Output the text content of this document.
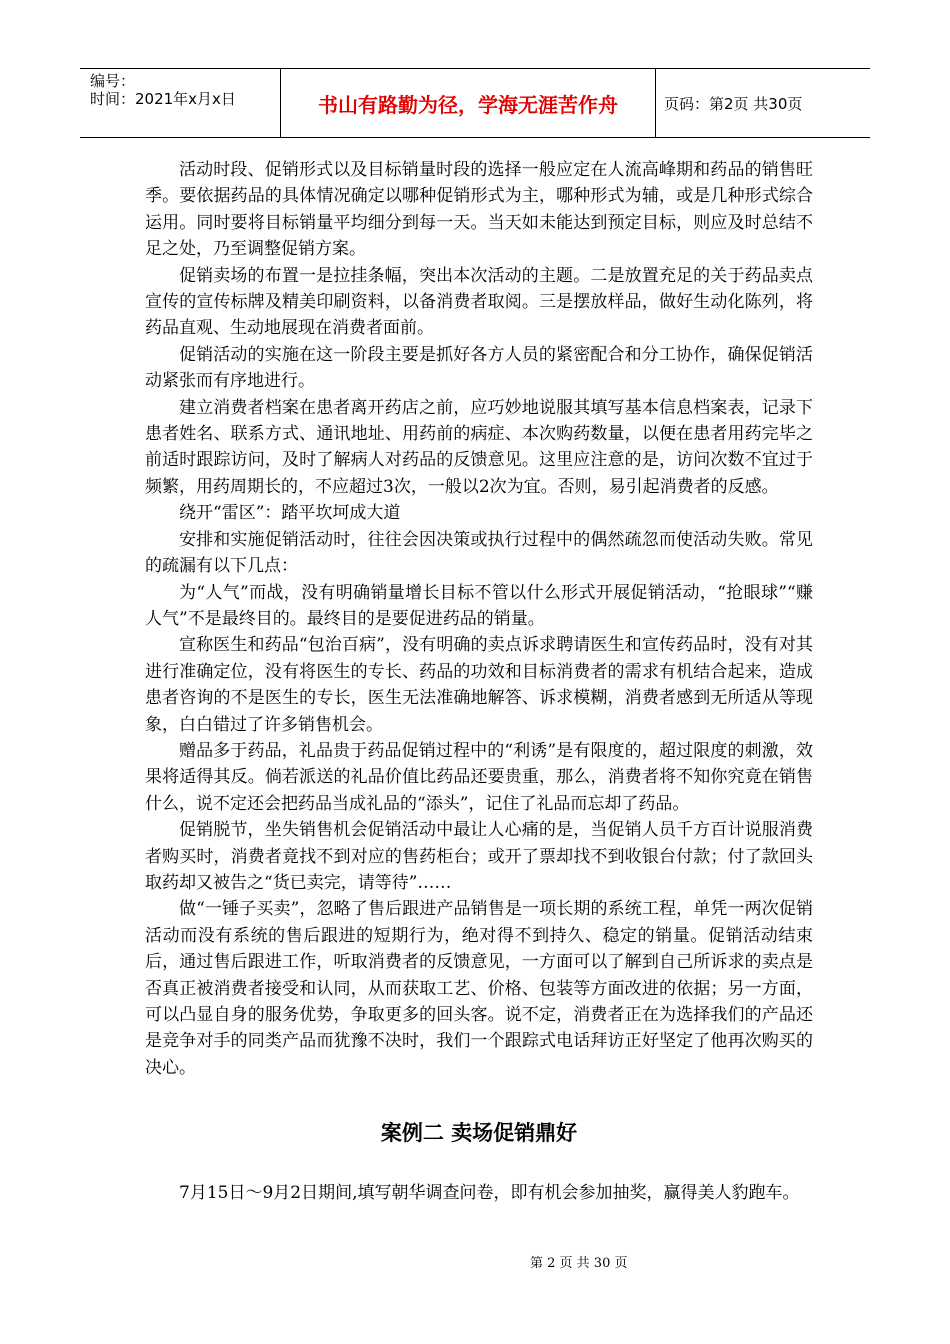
编号：
时间：2021年x月x日	书山有路勤为径，学海无涯苦作舟	页码：第2页 共30页

活动时段、促销形式以及目标销量时段的选择一般应定在人流高峰期和药品的销售旺季。要依据药品的具体情况确定以哪种促销形式为主，哪种形式为辅，或是几种形式综合运用。同时要将目标销量平均细分到每一天。当天如未能达到预定目标，则应及时总结不足之处，乃至调整促销方案。

促销卖场的布置一是拉挂条幅，突出本次活动的主题。二是放置充足的关于药品卖点宣传的宣传标牌及精美印刷资料，以备消费者取阅。三是摆放样品，做好生动化陈列，将药品直观、生动地展现在消费者面前。

促销活动的实施在这一阶段主要是抓好各方人员的紧密配合和分工协作，确保促销活动紧张而有序地进行。

建立消费者档案在患者离开药店之前，应巧妙地说服其填写基本信息档案表，记录下患者姓名、联系方式、通讯地址、用药前的病症、本次购药数量，以便在患者用药完毕之前适时跟踪访问，及时了解病人对药品的反馈意见。这里应注意的是，访问次数不宜过于频繁，用药周期长的，不应超过3次，一般以2次为宜。否则，易引起消费者的反感。

绕开“雷区”：踏平坎坷成大道

安排和实施促销活动时，往往会因决策或执行过程中的偶然疏忽而使活动失败。常见的疏漏有以下几点：

为“人气”而战，没有明确销量增长目标不管以什么形式开展促销活动，“抢眼球”“赚人气”不是最终目的。最终目的是要促进药品的销量。

宣称医生和药品“包治百病”，没有明确的卖点诉求聘请医生和宣传药品时，没有对其进行准确定位，没有将医生的专长、药品的功效和目标消费者的需求有机结合起来，造成患者咨询的不是医生的专长，医生无法准确地解答、诉求模糊，消费者感到无所适从等现象，白白错过了许多销售机会。

赠品多于药品，礼品贵于药品促销过程中的“利诱”是有限度的，超过限度的刺激，效果将适得其反。倘若派送的礼品价值比药品还要贵重，那么，消费者将不知你究竟在销售什么，说不定还会把药品当成礼品的“添头”，记住了礼品而忘却了药品。

促销脱节，坐失销售机会促销活动中最让人心痛的是，当促销人员千方百计说服消费者购买时，消费者竟找不到对应的售药柜台；或开了票却找不到收银台付款；付了款回头取药却又被告之“货已卖完，请等待”……

做“一锤子买卖”，忽略了售后跟进产品销售是一项长期的系统工程，单凭一两次促销活动而没有系统的售后跟进的短期行为，绝对得不到持久、稳定的销量。促销活动结束后，通过售后跟进工作，听取消费者的反馈意见，一方面可以了解到自己所诉求的卖点是否真正被消费者接受和认同，从而获取工艺、价格、包装等方面改进的依据；另一方面，可以凸显自身的服务优势，争取更多的回头客。说不定，消费者正在为选择我们的产品还是竞争对手的同类产品而犹豫不决时，我们一个跟踪式电话拜访正好坚定了他再次购买的决心。

案例二 卖场促销鼎好

7月15日～9月2日期间,填写朝华调查问卷，即有机会参加抽奖，赢得美人豹跑车。

第 2 页 共 30 页
